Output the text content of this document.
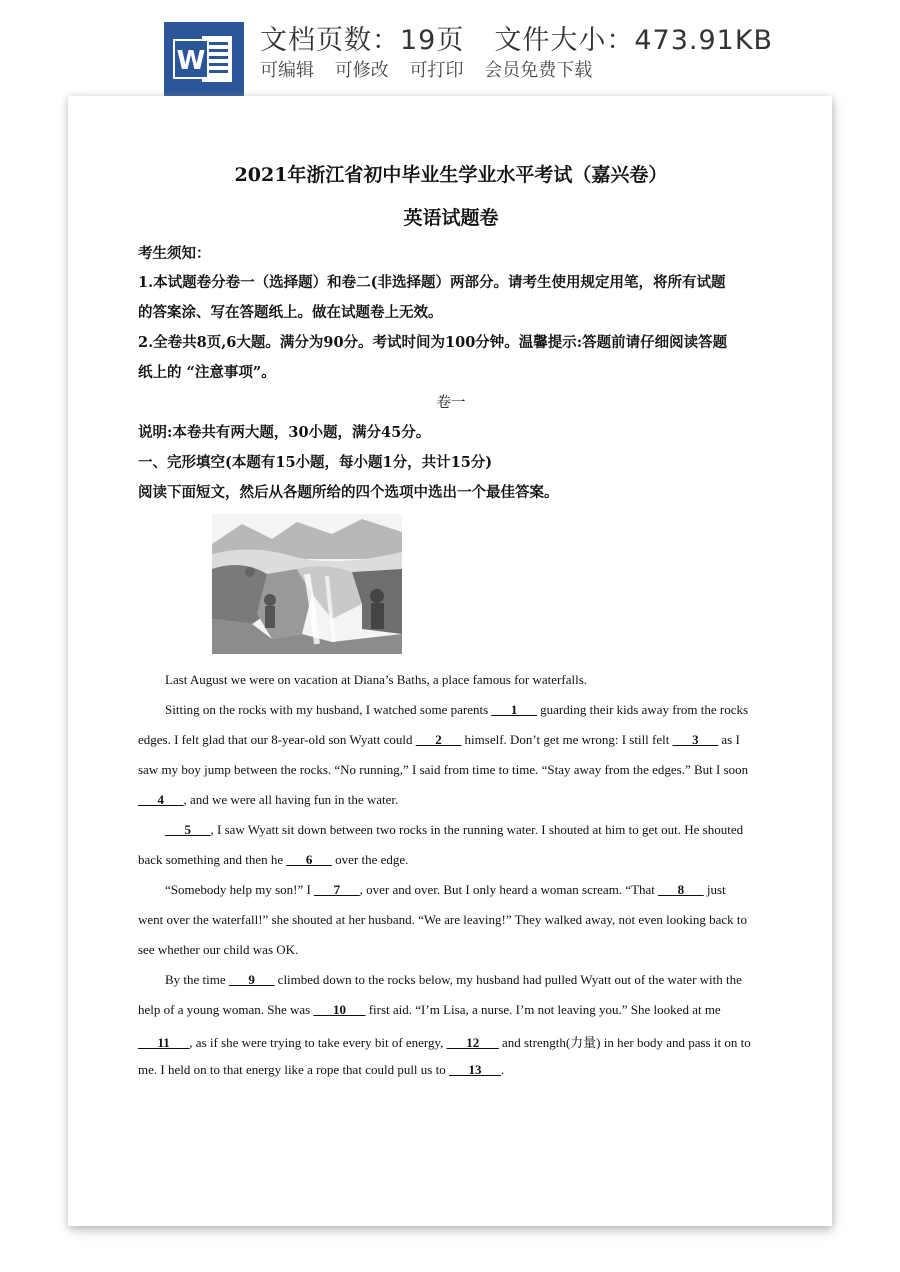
W
文档页数：19页 文件大小：473.91KB
可编辑 可修改 可打印 会员免费下载
2021年浙江省初中毕业生学业水平考试（嘉兴卷）
英语试题卷
考生须知：
1.本试题卷分卷一（选择题）和卷二(非选择题）两部分。请考生使用规定用笔，将所有试题
的答案涂、写在答题纸上。做在试题卷上无效。
2.全卷共8页,6大题。满分为90分。考试时间为100分钟。温馨提示:答题前请仔细阅读答题
纸上的 “注意事项”。
卷一
说明:本卷共有两大题，30小题，满分45分。
一、完形填空(本题有15小题，每小题1分，共计15分)
阅读下面短文，然后从各题所给的四个选项中选出一个最佳答案。
Last August we were on vacation at Diana’s Baths, a place famous for waterfalls.
Sitting on the rocks with my husband, I watched some parents ___1___ guarding their kids away from the rocks
edges. I felt glad that our 8-year-old son Wyatt could ___2___ himself. Don’t get me wrong: I still felt ___3___ as I
saw my boy jump between the rocks. “No running,” I said from time to time. “Stay away from the edges.” But I soon
___4___, and we were all having fun in the water.
___5___, I saw Wyatt sit down between two rocks in the running water. I shouted at him to get out. He shouted
back something and then he ___6___ over the edge.
“Somebody help my son!” I ___7___, over and over. But I only heard a woman scream. “That ___8___ just
went over the waterfall!” she shouted at her husband. “We are leaving!” They walked away, not even looking back to
see whether our child was OK.
By the time ___9___ climbed down to the rocks below, my husband had pulled Wyatt out of the water with the
help of a young woman. She was ___10___ first aid. “I’m Lisa, a nurse. I’m not leaving you.” She looked at me
___11___, as if she were trying to take every bit of energy, ___12___ and strength(力量) in her body and pass it on to
me. I held on to that energy like a rope that could pull us to ___13___.
